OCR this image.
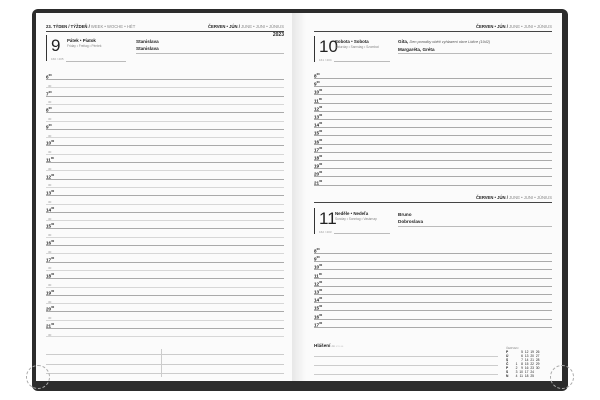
23. TÝDEN / TÝŽDEŇ / WEEK • WOCHE • HÉT	ČERVEN • JÚN / JUNE • JUNI • JÚNIUS
2023
9 Pátek • Piatok
Friday • Freitag • Péntek
160 / 205
Stanislava
Stanislava
$6^{00}$
30
$7^{00}$
30
$8^{00}$
30
$9^{00}$
30
$10^{00}$
30
$11^{00}$
30
$12^{00}$
30
$13^{00}$
30
$14^{00}$
30
$15^{00}$
30
$16^{00}$
30
$17^{00}$
30
$18^{00}$
30
$19^{00}$
30
$20^{00}$
30
$21^{00}$
30
ČERVEN • JÚN / JUNE • JUNI • JÚNIUS
10
Sobota • Sobota
Saturday • Samstag • Szombat
161 / 204
Gita, Den porodby obětí vyhlazení obce Lidice (1942)
Margaréta, Gréta
$8^{00}$
$9^{00}$
$10^{00}$
$11^{00}$
$12^{00}$
$13^{00}$
$14^{00}$
$15^{00}$
$16^{00}$
$17^{00}$
$18^{00}$
$19^{00}$
$20^{00}$
$21^{00}$
ČERVEN • JÚN / JUNE • JUNI • JÚNIUS
11
Neděle • Nedeľa
Sunday • Sonntag • Vasárnap
162 / 203
Bruno
Dobroslava
$8^{00}$
$9^{00}$
$10^{00}$
$11^{00}$
$12^{00}$
$13^{00}$
$14^{00}$
$15^{00}$
$16^{00}$
$17^{00}$
Hlášení dě • t • ••	ČERVEN
P	5 12 19 26
Ú	6 13 20 27
S	7 14 21 28
Č 1 8 15 22 29
P 2 9 16 23 30
S 3 10 17 24
N 4 11 18 25
